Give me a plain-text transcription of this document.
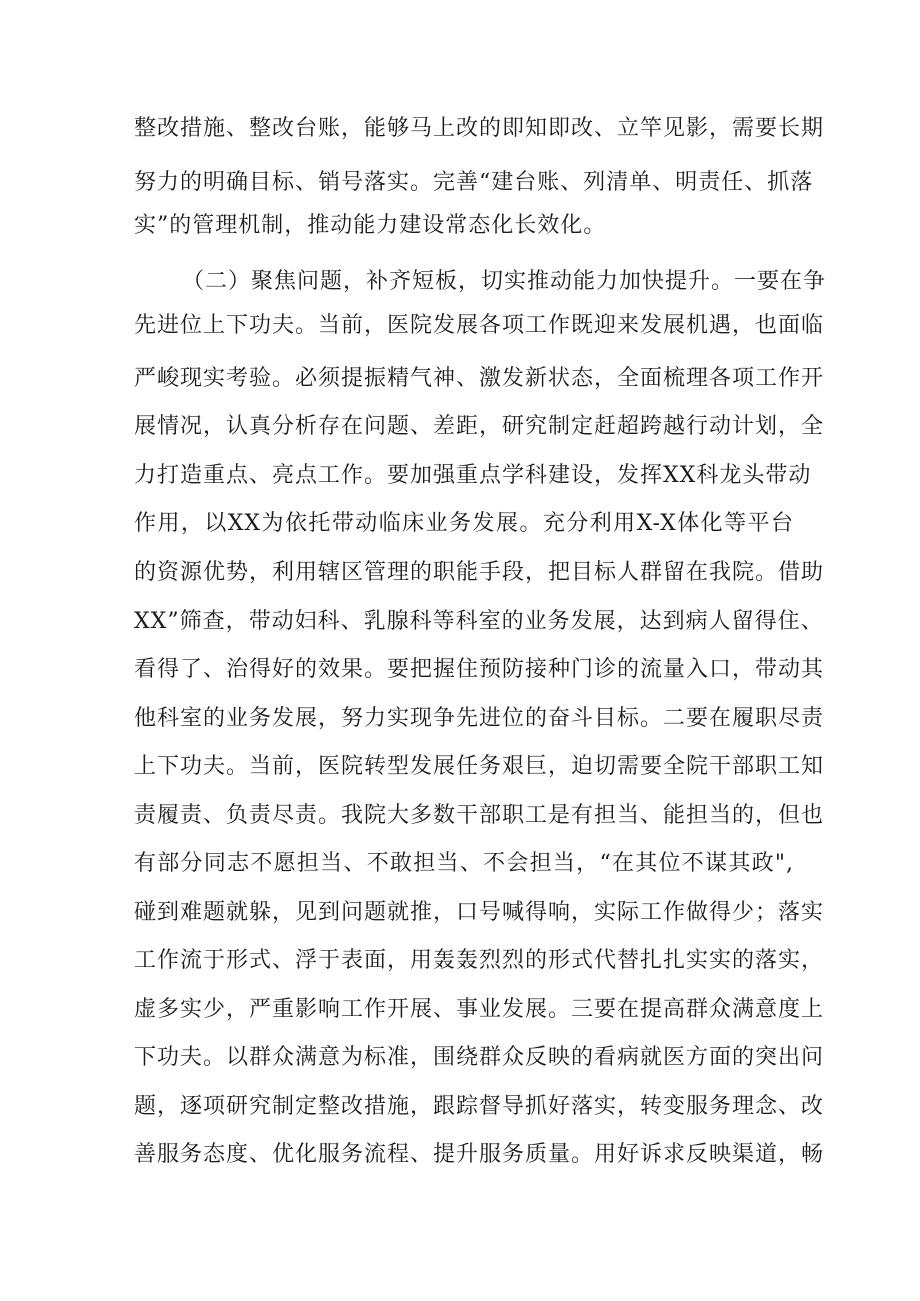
整改措施、整改台账，能够马上改的即知即改、立竿见影，需要长期
努力的明确目标、销号落实。完善“建台账、列清单、明责任、抓落
实”的管理机制，推动能力建设常态化长效化。
（二）聚焦问题，补齐短板，切实推动能力加快提升。一要在争
先进位上下功夫。当前，医院发展各项工作既迎来发展机遇，也面临
严峻现实考验。必须提振精气神、激发新状态，全面梳理各项工作开
展情况，认真分析存在问题、差距，研究制定赶超跨越行动计划，全
力打造重点、亮点工作。要加强重点学科建设，发挥XX科龙头带动
作用，以XX为依托带动临床业务发展。充分利用X-X体化等平台
的资源优势，利用辖区管理的职能手段，把目标人群留在我院。借助
XX”筛查，带动妇科、乳腺科等科室的业务发展，达到病人留得住、
看得了、治得好的效果。要把握住预防接种门诊的流量入口，带动其
他科室的业务发展，努力实现争先进位的奋斗目标。二要在履职尽责
上下功夫。当前，医院转型发展任务艰巨，迫切需要全院干部职工知
责履责、负责尽责。我院大多数干部职工是有担当、能担当的，但也
有部分同志不愿担当、不敢担当、不会担当，“在其位不谋其政",
碰到难题就躲，见到问题就推，口号喊得响，实际工作做得少；落实
工作流于形式、浮于表面，用轰轰烈烈的形式代替扎扎实实的落实，
虚多实少，严重影响工作开展、事业发展。三要在提高群众满意度上
下功夫。以群众满意为标准，围绕群众反映的看病就医方面的突出问
题，逐项研究制定整改措施，跟踪督导抓好落实，转变服务理念、改
善服务态度、优化服务流程、提升服务质量。用好诉求反映渠道，畅
